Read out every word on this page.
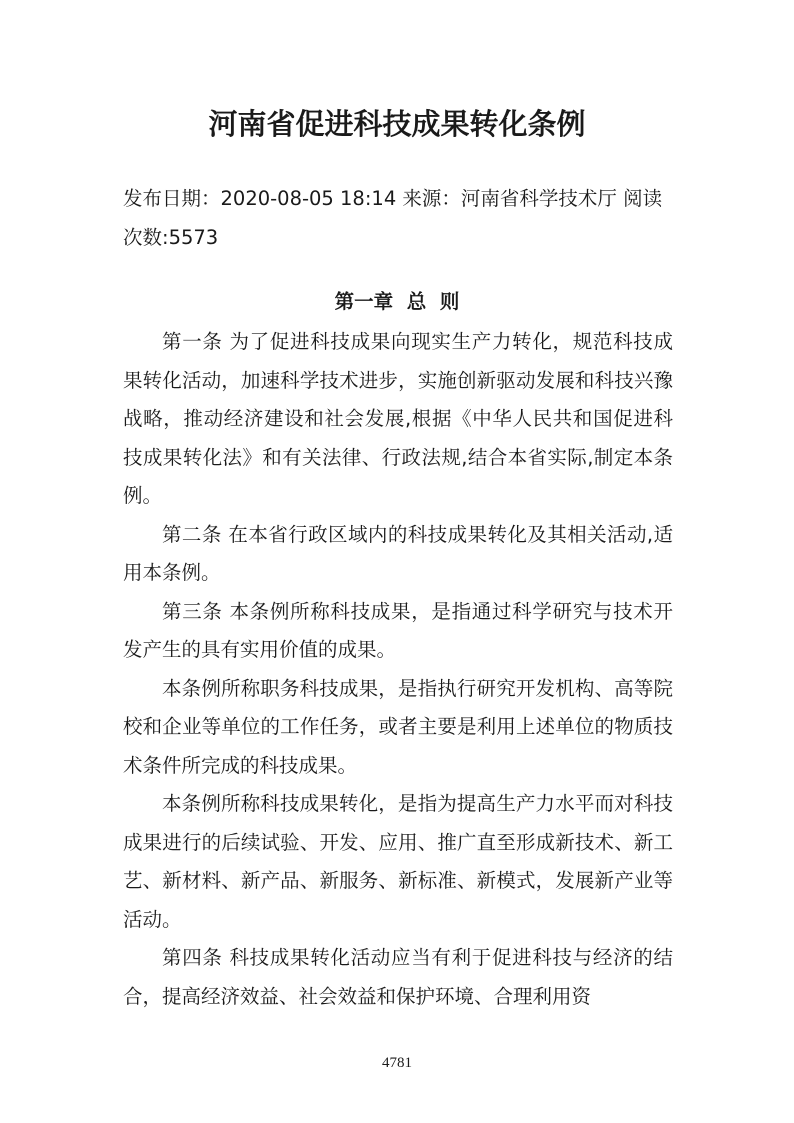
河南省促进科技成果转化条例

发布日期：2020-08-05 18:14 来源：河南省科学技术厅 阅读次数:5573

第一章  总  则

第一条 为了促进科技成果向现实生产力转化，规范科技成果转化活动，加速科学技术进步，实施创新驱动发展和科技兴豫战略，推动经济建设和社会发展,根据《中华人民共和国促进科技成果转化法》和有关法律、行政法规,结合本省实际,制定本条例。

第二条 在本省行政区域内的科技成果转化及其相关活动,适用本条例。

第三条 本条例所称科技成果，是指通过科学研究与技术开发产生的具有实用价值的成果。

本条例所称职务科技成果，是指执行研究开发机构、高等院校和企业等单位的工作任务，或者主要是利用上述单位的物质技术条件所完成的科技成果。

本条例所称科技成果转化，是指为提高生产力水平而对科技成果进行的后续试验、开发、应用、推广直至形成新技术、新工艺、新材料、新产品、新服务、新标准、新模式，发展新产业等活动。

第四条 科技成果转化活动应当有利于促进科技与经济的结合，提高经济效益、社会效益和保护环境、合理利用资

4781
